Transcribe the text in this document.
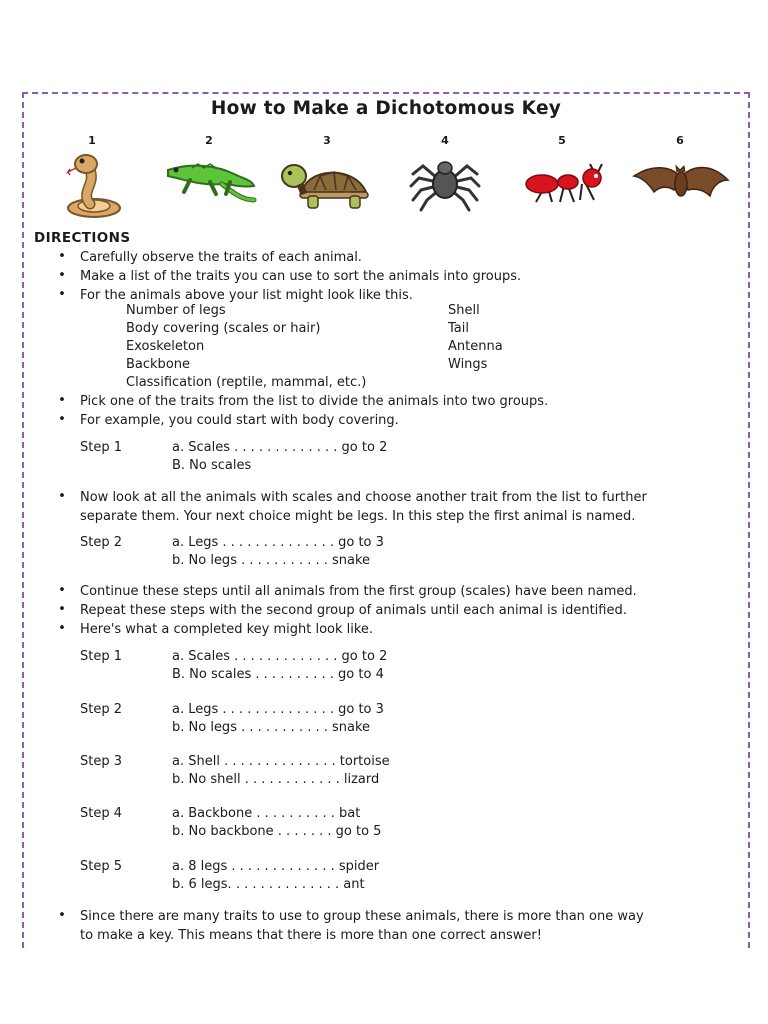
How to Make a Dichotomous Key
1	2	3	4	5	6
DIRECTIONS
• Carefully observe the traits of each animal.
• Make a list of the traits you can use to sort the animals into groups.
• For the animals above your list might look like this.
Number of legs
Body covering (scales or hair)
Exoskeleton
Backbone
Classification (reptile, mammal, etc.)
Shell
Tail
Antenna
Wings
• Pick one of the traits from the list to divide the animals into two groups.
• For example, you could start with body covering.
Step 1	a. Scales . . . . . . . . . . . . . go to 2
B. No scales
• Now look at all the animals with scales and choose another trait from the list to further
separate them. Your next choice might be legs. In this step the first animal is named.
Step 2	a. Legs . . . . . . . . . . . . . . go to 3
b. No legs . . . . . . . . . . . snake
• Continue these steps until all animals from the first group (scales) have been named.
• Repeat these steps with the second group of animals until each animal is identified.
• Here's what a completed key might look like.
Step 1	a. Scales . . . . . . . . . . . . . go to 2
B. No scales . . . . . . . . . . go to 4
Step 2	a. Legs . . . . . . . . . . . . . . go to 3
b. No legs . . . . . . . . . . . snake
Step 3	a. Shell . . . . . . . . . . . . . . tortoise
b. No shell . . . . . . . . . . . . lizard
Step 4	a. Backbone . . . . . . . . . . bat
b. No backbone . . . . . . . go to 5
Step 5	a. 8 legs . . . . . . . . . . . . . spider
b. 6 legs. . . . . . . . . . . . . . ant
• Since there are many traits to use to group these animals, there is more than one way
to make a key. This means that there is more than one correct answer!
